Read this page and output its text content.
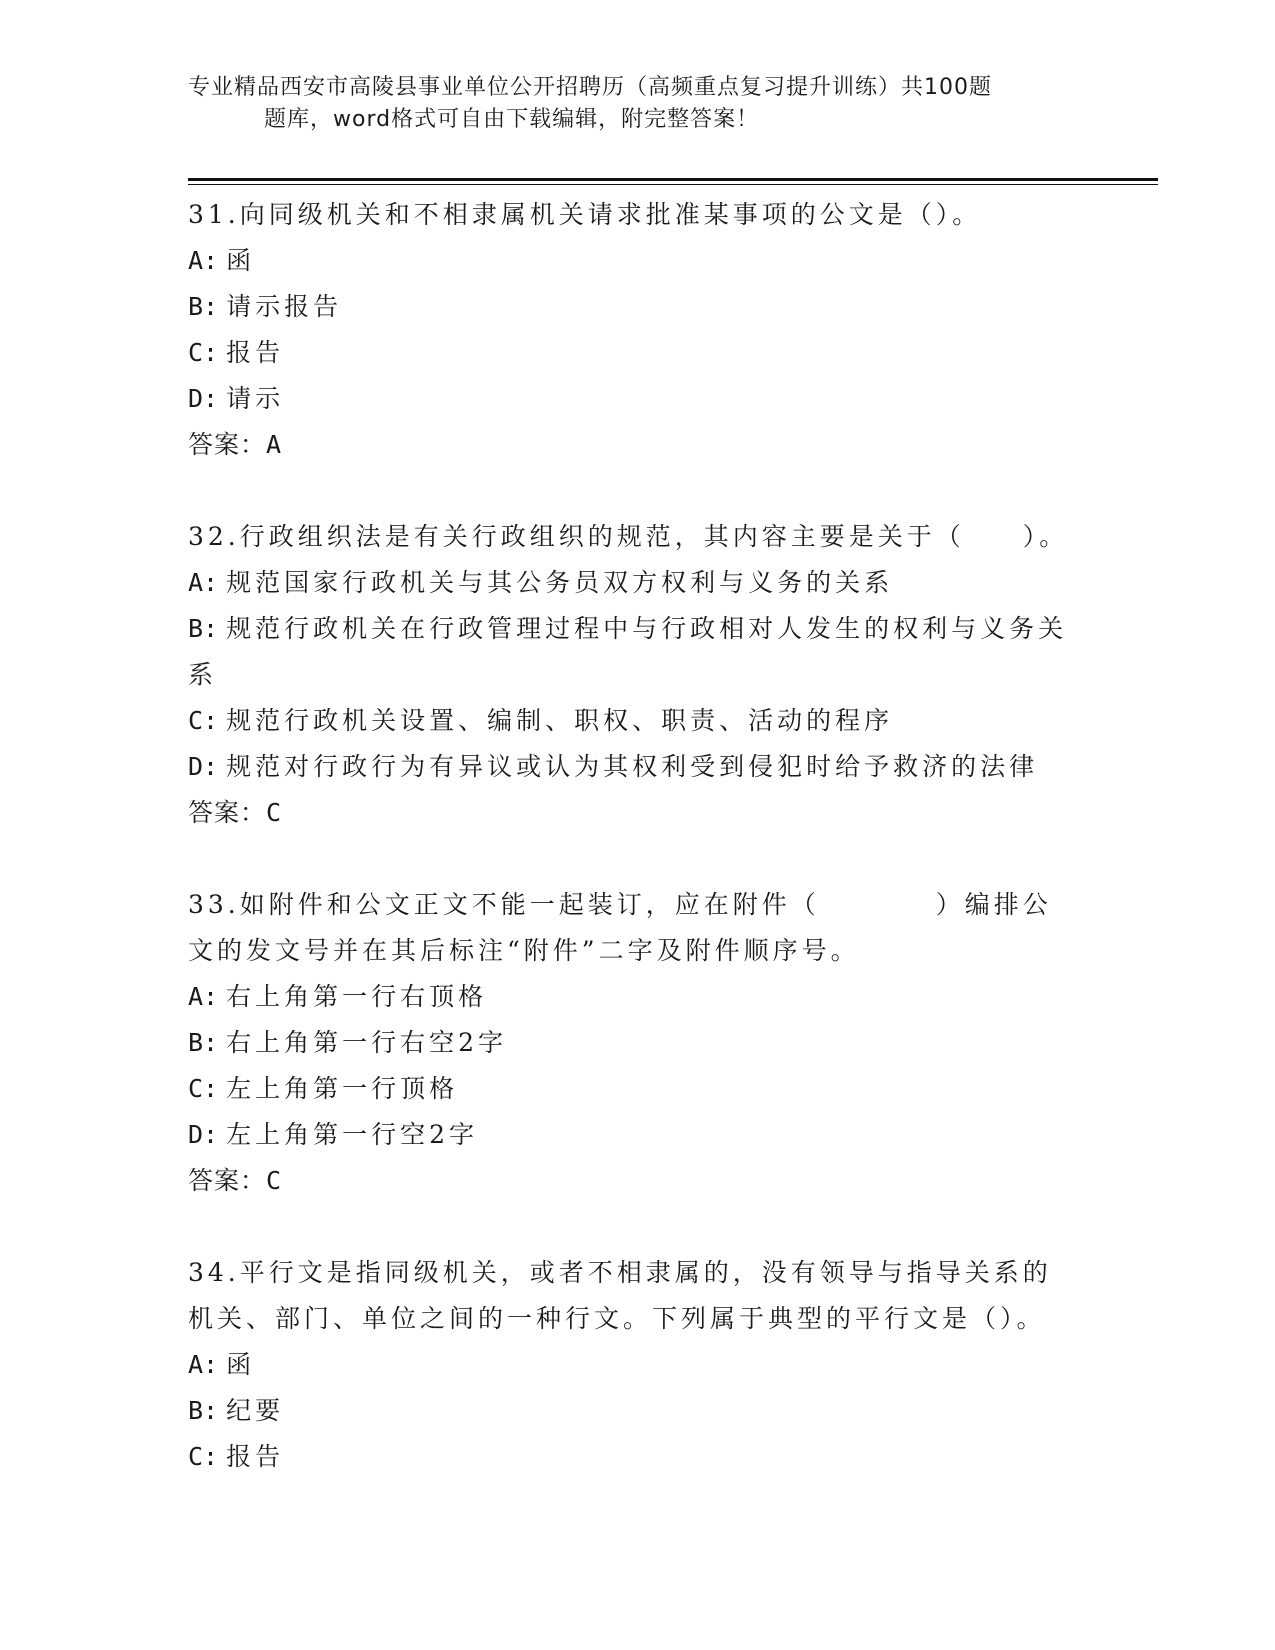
专业精品西安市高陵县事业单位公开招聘历（高频重点复习提升训练）共100题
题库，word格式可自由下载编辑，附完整答案！
31.向同级机关和不相隶属机关请求批准某事项的公文是（）。
A: 函
B: 请示报告
C: 报告
D: 请示
答案：A
32.行政组织法是有关行政组织的规范，其内容主要是关于（　　）。
A: 规范国家行政机关与其公务员双方权利与义务的关系
B: 规范行政机关在行政管理过程中与行政相对人发生的权利与义务关系
C: 规范行政机关设置、编制、职权、职责、活动的程序
D: 规范对行政行为有异议或认为其权利受到侵犯时给予救济的法律
答案：C
33.如附件和公文正文不能一起装订，应在附件（　　　　）编排公文的发文号并在其后标注“附件”二字及附件顺序号。
A: 右上角第一行右顶格
B: 右上角第一行右空2字
C: 左上角第一行顶格
D: 左上角第一行空2字
答案：C
34.平行文是指同级机关，或者不相隶属的，没有领导与指导关系的机关、部门、单位之间的一种行文。下列属于典型的平行文是（）。
A: 函
B: 纪要
C: 报告
